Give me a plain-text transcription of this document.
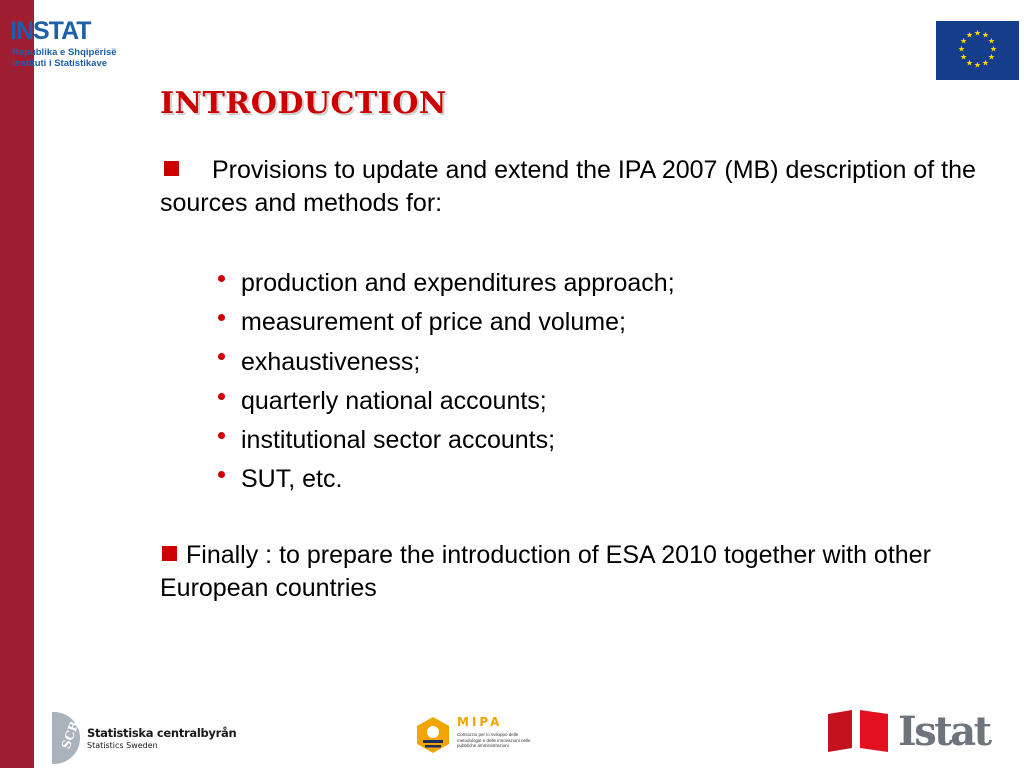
INSTAT
Republika e Shqipërisë
Instituti i Statistikave
★ ★
★
★
★
★
★
★
★
★
★
★
INTRODUCTION

Provisions to update and extend the IPA 2007 (MB) description of the sources and methods for:

production and expenditures approach;
measurement of price and volume;
exhaustiveness;
quarterly national accounts;
institutional sector accounts;
SUT, etc.

Finally : to prepare the introduction of ESA 2010 together with other European countries

SCB Statistiska centralbyrån
Statistics Sweden
MIPA
Consorzio per lo sviluppo delle metodologie e delle innovazioni nelle pubbliche amministrazioni	Istat
